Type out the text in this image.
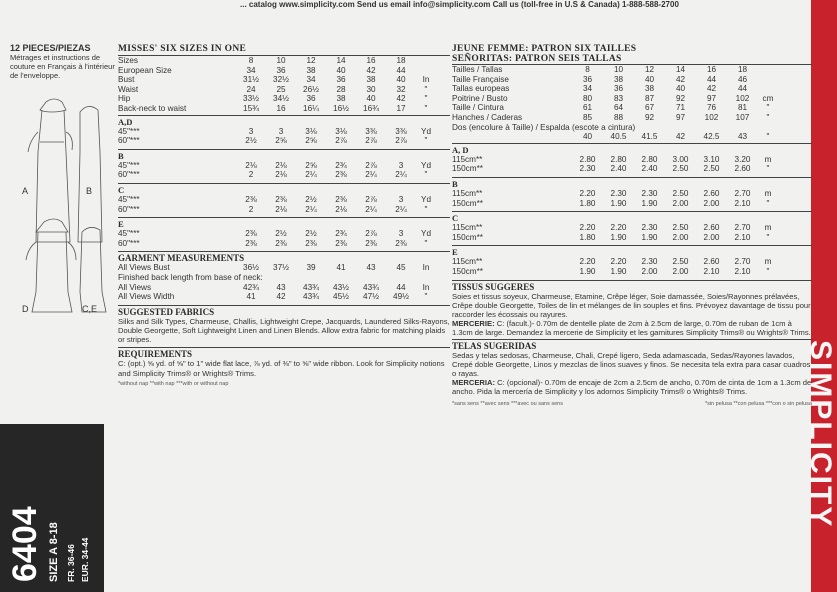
... catalog www.simplicity.com Send us email info@simplicity.com Call us (toll-free in U.S & Canada) 1-888-588-2700
SIMPLICITY
12 PIECES/PIEZAS
Métrages et instructions de couture en Français à l'intérieur de l'enveloppe.
A	B
D	C,E
6404 SIZE A 8-18 FR. 36-46 EUR. 34-44
MISSES' SIX SIZES IN ONE
Sizes	8	10	12	14	16	18
European Size	34	36	38	40	42	44
Bust	31½	32½	34	36	38	40	In
Waist	24	25	26½	28	30	32	"
Hip	33½	34½	36	38	40	42	"
Back-neck to waist	15¾	16	16¼	16½	16¾	17	"
A,D
45"***	3	3	3⅛	3⅛	3⅜	3⅜	Yd
60"***	2½	2⅝	2⅝	2⅞	2⅞	2⅞	"
B
45"***	2⅛	2⅛	2⅝	2¾	2⅞	3	Yd
60"***	2	2⅛	2¼	2⅜	2¼	2¼	"
C
45"***	2⅜	2⅜	2½	2⅜	2⅞	3	Yd
60"***	2	2⅛	2¼	2⅛	2¼	2¼	"
E
45"***	2⅜	2½	2½	2¾	2⅞	3	Yd
60"***	2⅜	2⅜	2⅜	2⅜	2⅜	2⅜	"
GARMENT MEASUREMENTS
All Views Bust	36½	37½	39	41	43	45	In
Finished back length from base of neck:
All Views	42¾	43	43¾	43½	43¾	44	In
All Views Width	41	42	43¾	45½	47½	49½	"
SUGGESTED FABRICS
Silks and Silk Types, Charmeuse, Challis, Lightweight Crepe, Jacquards, Laundered Silks-Rayons, Double Georgette, Soft Lightweight Linen and Linen Blends. Allow extra fabric for matching plaids or stripes.
REQUIREMENTS
C: (opt.) ⅝ yd. of ⅝" to 1" wide flat lace, ⅞ yd. of ⅜" to ⅝" wide ribbon. Look for Simplicity notions and Simplicity Trims® or Wrights® Trims.
*without nap **with nap ***with or without nap
JEUNE FEMME: PATRON SIX TAILLES
SEÑORITAS: PATRON SEIS TALLAS
Tailles / Tallas	8	10	12	14	16	18
Taille Française	36	38	40	42	44	46
Tallas europeas	34	36	38	40	42	44
Poitrine / Busto	80	83	87	92	97	102	cm
Taille / Cintura	61	64	67	71	76	81	"
Hanches / Caderas	85	88	92	97	102	107	"
Dos (encolure à Taille) / Espalda (escote a cintura)
40	40.5	41.5	42	42.5	43	"
A, D
115cm**	2.80	2.80	2.80	3.00	3.10	3.20	m
150cm**	2.30	2.40	2.40	2.50	2.50	2.60	"
B
115cm**	2.20	2.30	2.30	2.50	2.60	2.70	m
150cm**	1.80	1.90	1.90	2.00	2.00	2.10	"
C
115cm**	2.20	2.20	2.30	2.50	2.60	2.70	m
150cm**	1.80	1.90	1.90	2.00	2.00	2.10	"
E
115cm**	2.20	2.20	2.30	2.50	2.60	2.70	m
150cm**	1.90	1.90	2.00	2.00	2.10	2.10	"
TISSUS SUGGERES
Soies et tissus soyeux, Charmeuse, Etamine, Crêpe léger, Soie damassée, Soies/Rayonnes prélavées, Crêpe double Georgette, Toiles de lin et mélanges de lin souples et fins. Prévoyez davantage de tissu pour raccorder les écossais ou rayures.
MERCERIE: C: (facult.)- 0.70m de dentelle plate de 2cm à 2.5cm de large, 0.70m de ruban de 1cm à 1.3cm de large. Demandez la mercerie de Simplicity et les garnitures Simplicity Trims® ou Wrights® Trims.
TELAS SUGERIDAS
Sedas y telas sedosas, Charmeuse, Chali, Crepé ligero, Seda adamascada, Sedas/Rayones lavados, Crepé doble Georgette, Linos y mezclas de linos suaves y finos. Se necesita tela extra para casar cuadros o rayas.
MERCERIA: C: (opcional)- 0.70m de encaje de 2cm a 2.5cm de ancho, 0.70m de cinta de 1cm a 1.3cm de ancho. Pida la mercería de Simplicity y los adornos Simplicity Trims® o Wrights® Trims.
*sans sens **avec sens ***avec ou sans sens	*sin pelusa **con pelusa ***con o sin pelusa
